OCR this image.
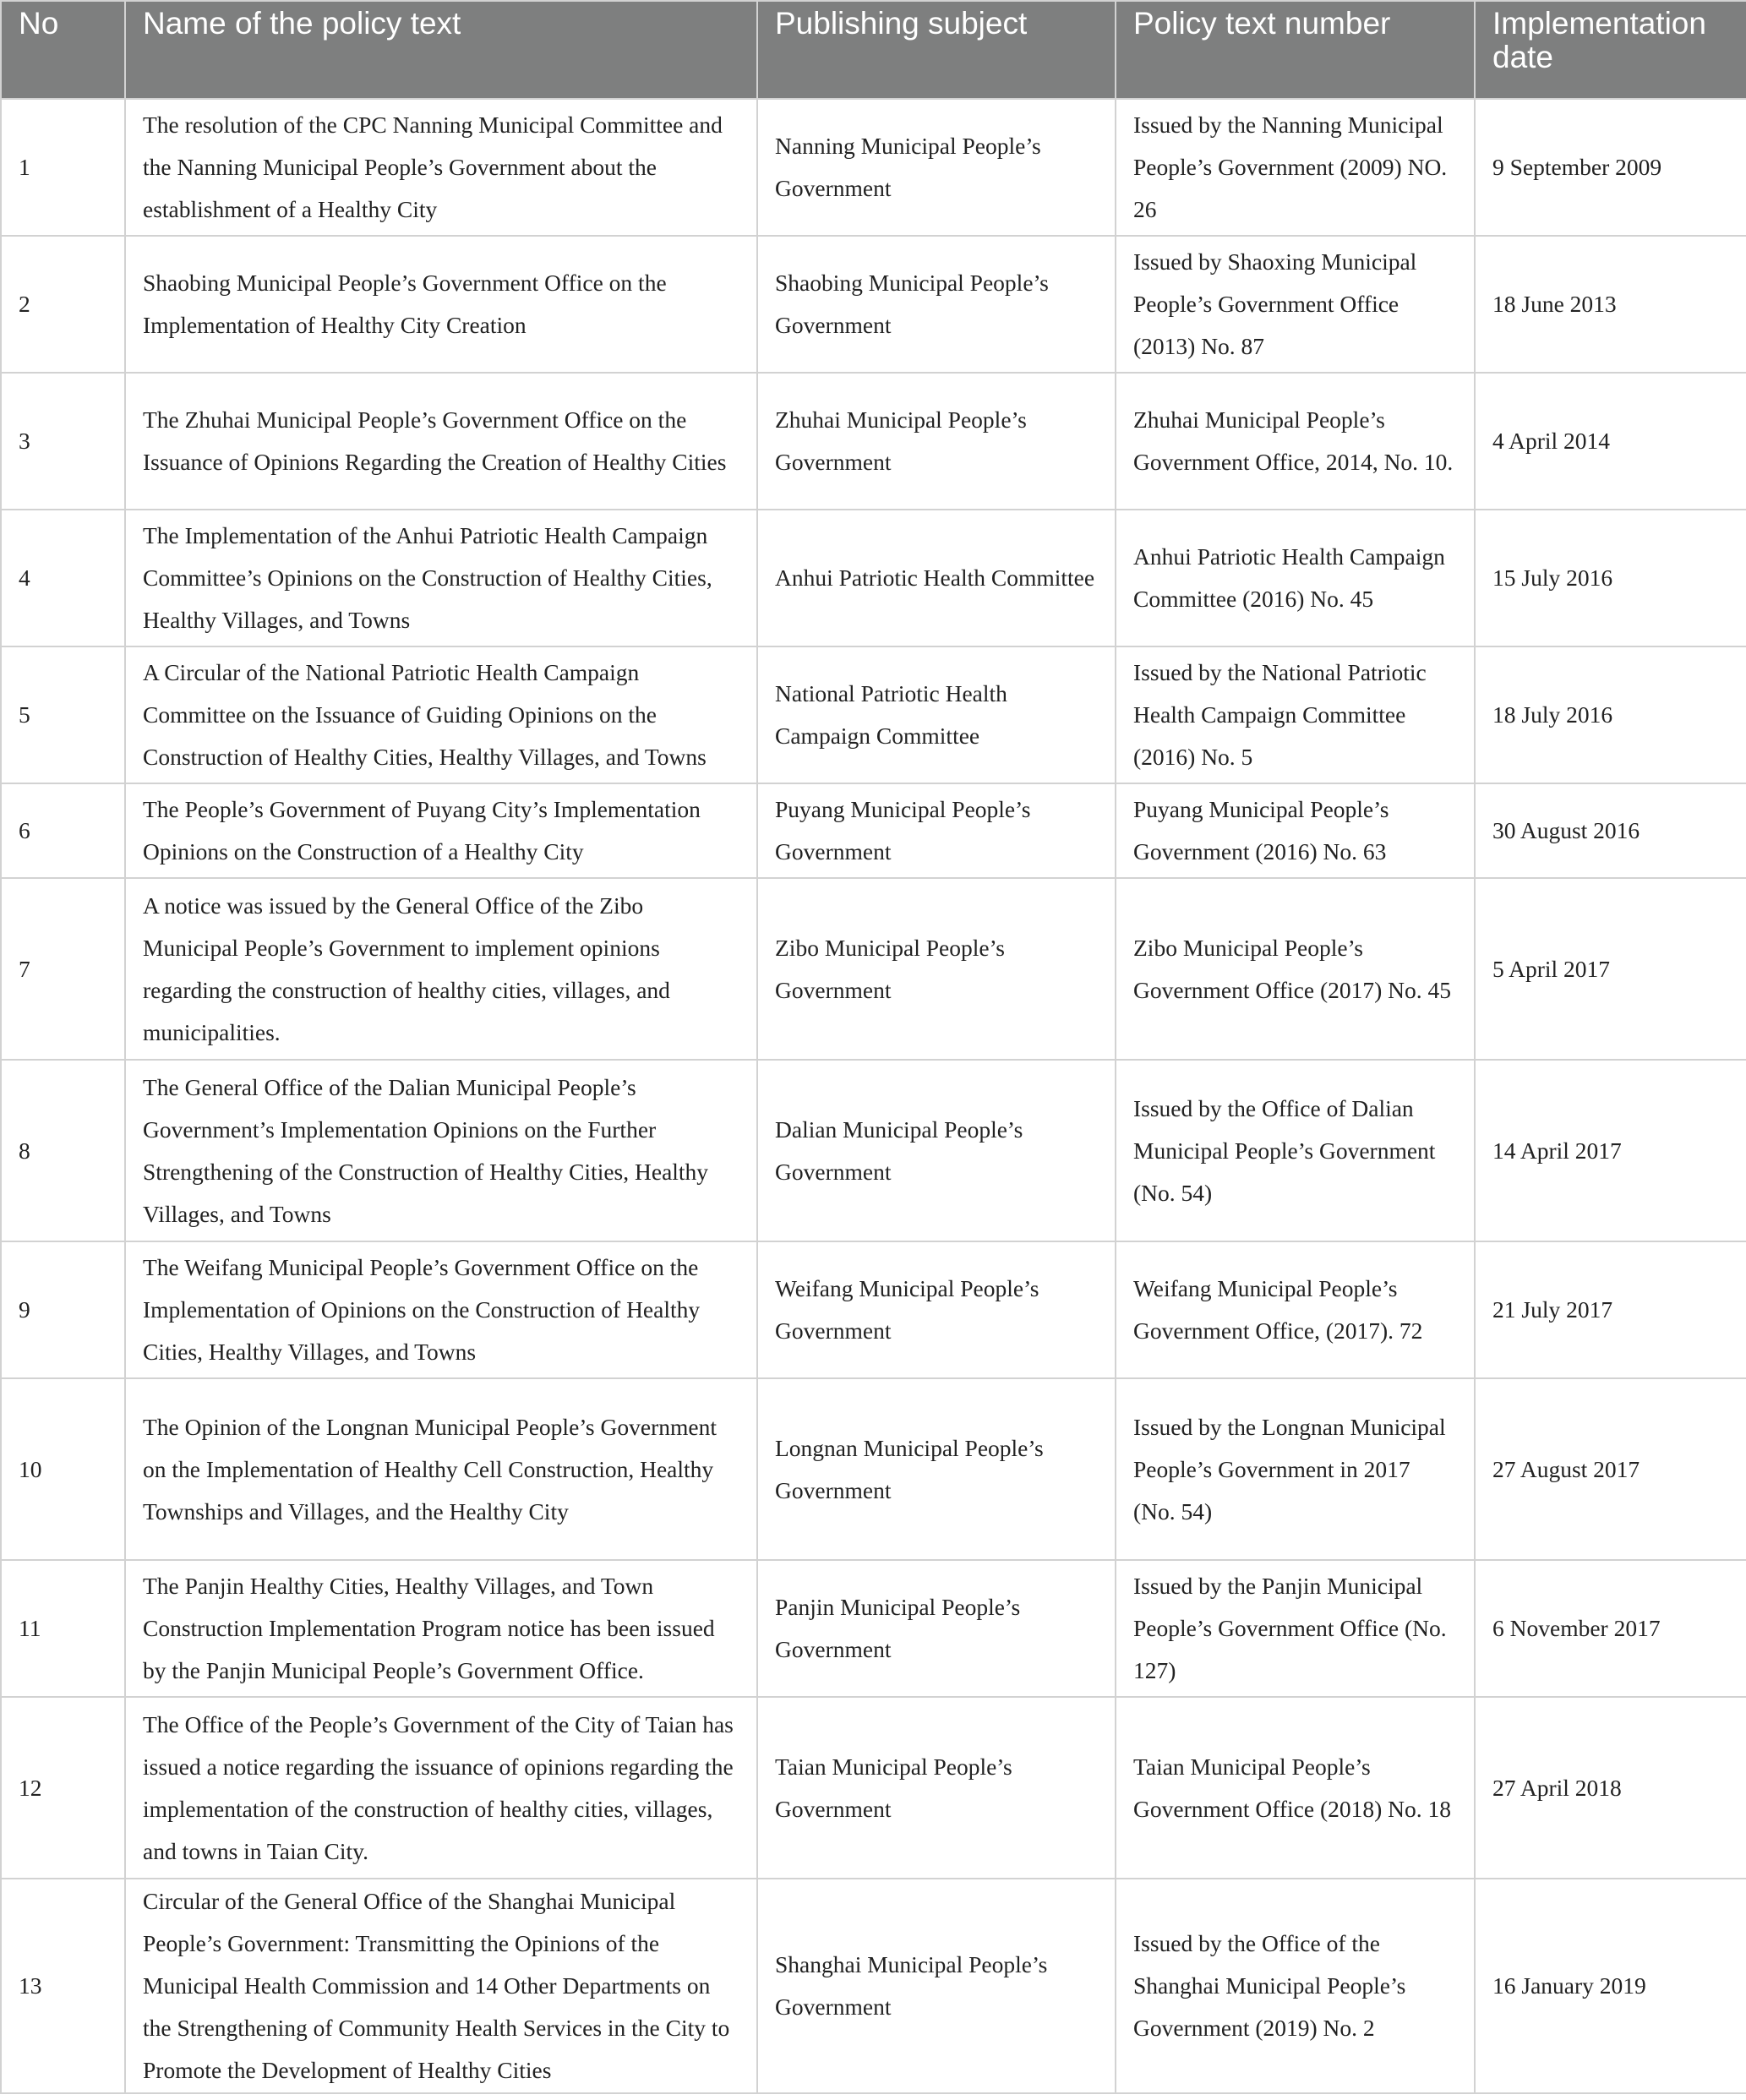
No	Name of the policy text	Publishing subject	Policy text number	Implementation date
1	The resolution of the CPC Nanning Municipal Committee and the Nanning Municipal People’s Government about the establishment of a Healthy City	Nanning Municipal People’s Government	Issued by the Nanning Municipal People’s Government (2009) NO. 26	9 September 2009
2	Shaobing Municipal People’s Government Office on the Implementation of Healthy City Creation	Shaobing Municipal People’s Government	Issued by Shaoxing Municipal People’s Government Office (2013) No. 87	18 June 2013
3	The Zhuhai Municipal People’s Government Office on the Issuance of Opinions Regarding the Creation of Healthy Cities	Zhuhai Municipal People’s Government	Zhuhai Municipal People’s Government Office, 2014, No. 10.	4 April 2014
4	The Implementation of the Anhui Patriotic Health Campaign Committee’s Opinions on the Construction of Healthy Cities, Healthy Villages, and Towns	Anhui Patriotic Health Committee	Anhui Patriotic Health Campaign Committee (2016) No. 45	15 July 2016
5	A Circular of the National Patriotic Health Campaign Committee on the Issuance of Guiding Opinions on the Construction of Healthy Cities, Healthy Villages, and Towns	National Patriotic Health Campaign Committee	Issued by the National Patriotic Health Campaign Committee (2016) No. 5	18 July 2016
6	The People’s Government of Puyang City’s Implementation Opinions on the Construction of a Healthy City	Puyang Municipal People’s Government	Puyang Municipal People’s Government (2016) No. 63	30 August 2016
7	A notice was issued by the General Office of the Zibo Municipal People’s Government to implement opinions regarding the construction of healthy cities, villages, and municipalities.	Zibo Municipal People’s Government	Zibo Municipal People’s Government Office (2017) No. 45	5 April 2017
8	The General Office of the Dalian Municipal People’s Government’s Implementation Opinions on the Further Strengthening of the Construction of Healthy Cities, Healthy Villages, and Towns	Dalian Municipal People’s Government	Issued by the Office of Dalian Municipal People’s Government (No. 54)	14 April 2017
9	The Weifang Municipal People’s Government Office on the Implementation of Opinions on the Construction of Healthy Cities, Healthy Villages, and Towns	Weifang Municipal People’s Government	Weifang Municipal People’s Government Office, (2017). 72	21 July 2017
10	The Opinion of the Longnan Municipal People’s Government on the Implementation of Healthy Cell Construction, Healthy Townships and Villages, and the Healthy City	Longnan Municipal People’s Government	Issued by the Longnan Municipal People’s Government in 2017 (No. 54)	27 August 2017
11	The Panjin Healthy Cities, Healthy Villages, and Town Construction Implementation Program notice has been issued by the Panjin Municipal People’s Government Office.	Panjin Municipal People’s Government	Issued by the Panjin Municipal People’s Government Office (No. 127)	6 November 2017
12	The Office of the People’s Government of the City of Taian has issued a notice regarding the issuance of opinions regarding the implementation of the construction of healthy cities, villages, and towns in Taian City.	Taian Municipal People’s Government	Taian Municipal People’s Government Office (2018) No. 18	27 April 2018
13	Circular of the General Office of the Shanghai Municipal People’s Government: Transmitting the Opinions of the Municipal Health Commission and 14 Other Departments on the Strengthening of Community Health Services in the City to Promote the Development of Healthy Cities	Shanghai Municipal People’s Government	Issued by the Office of the Shanghai Municipal People’s Government (2019) No. 2	16 January 2019
